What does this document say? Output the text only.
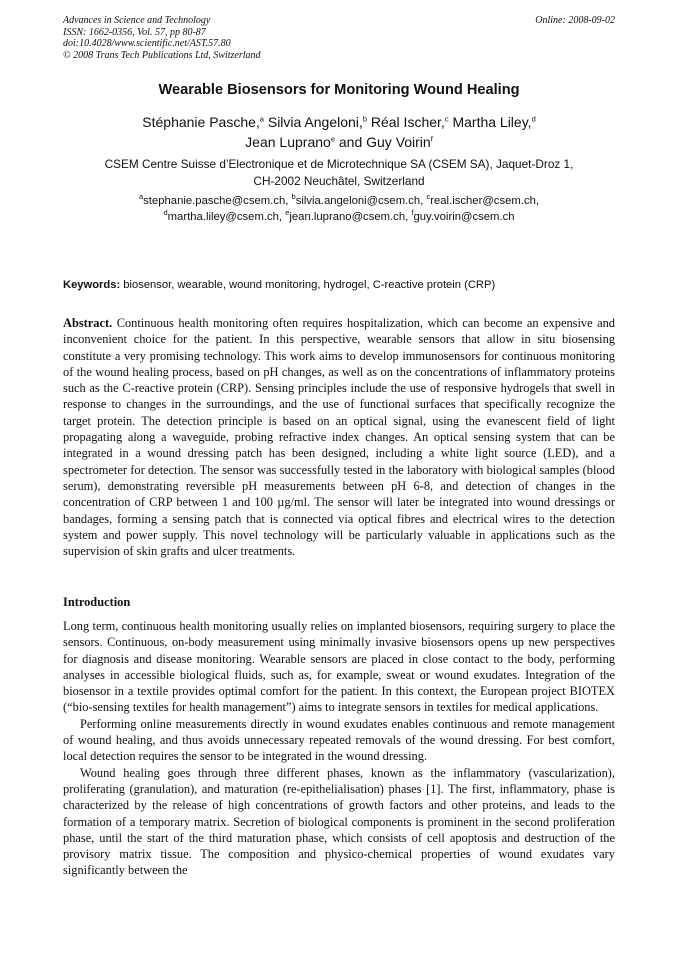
Advances in Science and Technology
ISSN: 1662-0356, Vol. 57, pp 80-87
doi:10.4028/www.scientific.net/AST.57.80
© 2008 Trans Tech Publications Ltd, Switzerland
Online: 2008-09-02
Wearable Biosensors for Monitoring Wound Healing
Stéphanie Pasche,$^a$ Silvia Angeloni,$^b$ Réal Ischer,$^c$ Martha Liley,$^d$
Jean Luprano$^e$ and Guy Voirin$^f$
CSEM Centre Suisse d’Electronique et de Microtechnique SA (CSEM SA), Jaquet-Droz 1,
CH-2002 Neuchâtel, Switzerland
$^a$stephanie.pasche@csem.ch, $^b$silvia.angeloni@csem.ch, $^c$real.ischer@csem.ch,
$^d$martha.liley@csem.ch, $^e$jean.luprano@csem.ch, $^f$guy.voirin@csem.ch
Keywords: biosensor, wearable, wound monitoring, hydrogel, C-reactive protein (CRP)
Abstract. Continuous health monitoring often requires hospitalization, which can become an expensive and inconvenient choice for the patient. In this perspective, wearable sensors that allow in situ biosensing constitute a very promising technology. This work aims to develop immunosensors for continuous monitoring of the wound healing process, based on pH changes, as well as on the concentrations of inflammatory proteins such as the C-reactive protein (CRP). Sensing principles include the use of responsive hydrogels that swell in response to changes in the surroundings, and the use of functional surfaces that specifically recognize the target protein. The detection principle is based on an optical signal, using the evanescent field of light propagating along a waveguide, probing refractive index changes. An optical sensing system that can be integrated in a wound dressing patch has been designed, including a white light source (LED), and a spectrometer for detection. The sensor was successfully tested in the laboratory with biological samples (blood serum), demonstrating reversible pH measurements between pH 6-8, and detection of changes in the concentration of CRP between 1 and 100 µg/ml. The sensor will later be integrated into wound dressings or bandages, forming a sensing patch that is connected via optical fibres and electrical wires to the detection system and power supply. This novel technology will be particularly valuable in applications such as the supervision of skin grafts and ulcer treatments.
Introduction

Long term, continuous health monitoring usually relies on implanted biosensors, requiring surgery to place the sensors. Continuous, on-body measurement using minimally invasive biosensors opens up new perspectives for diagnosis and disease monitoring. Wearable sensors are placed in close contact to the body, performing analyses in accessible biological fluids, such as, for example, sweat or wound exudates. Integration of the biosensor in a textile provides optimal comfort for the patient. In this context, the European project BIOTEX (“bio-sensing textiles for health management”) aims to integrate sensors in textiles for medical applications.

Performing online measurements directly in wound exudates enables continuous and remote management of wound healing, and thus avoids unnecessary repeated removals of the wound dressing. For best comfort, local detection requires the sensor to be integrated in the wound dressing.

Wound healing goes through three different phases, known as the inflammatory (vascularization), proliferating (granulation), and maturation (re-epithelialisation) phases [1]. The first, inflammatory, phase is characterized by the release of high concentrations of growth factors and other proteins, and leads to the formation of a temporary matrix. Secretion of biological components is prominent in the second proliferation phase, until the start of the third maturation phase, which consists of cell apoptosis and destruction of the provisory matrix tissue. The composition and physico-chemical properties of wound exudates vary significantly between the
